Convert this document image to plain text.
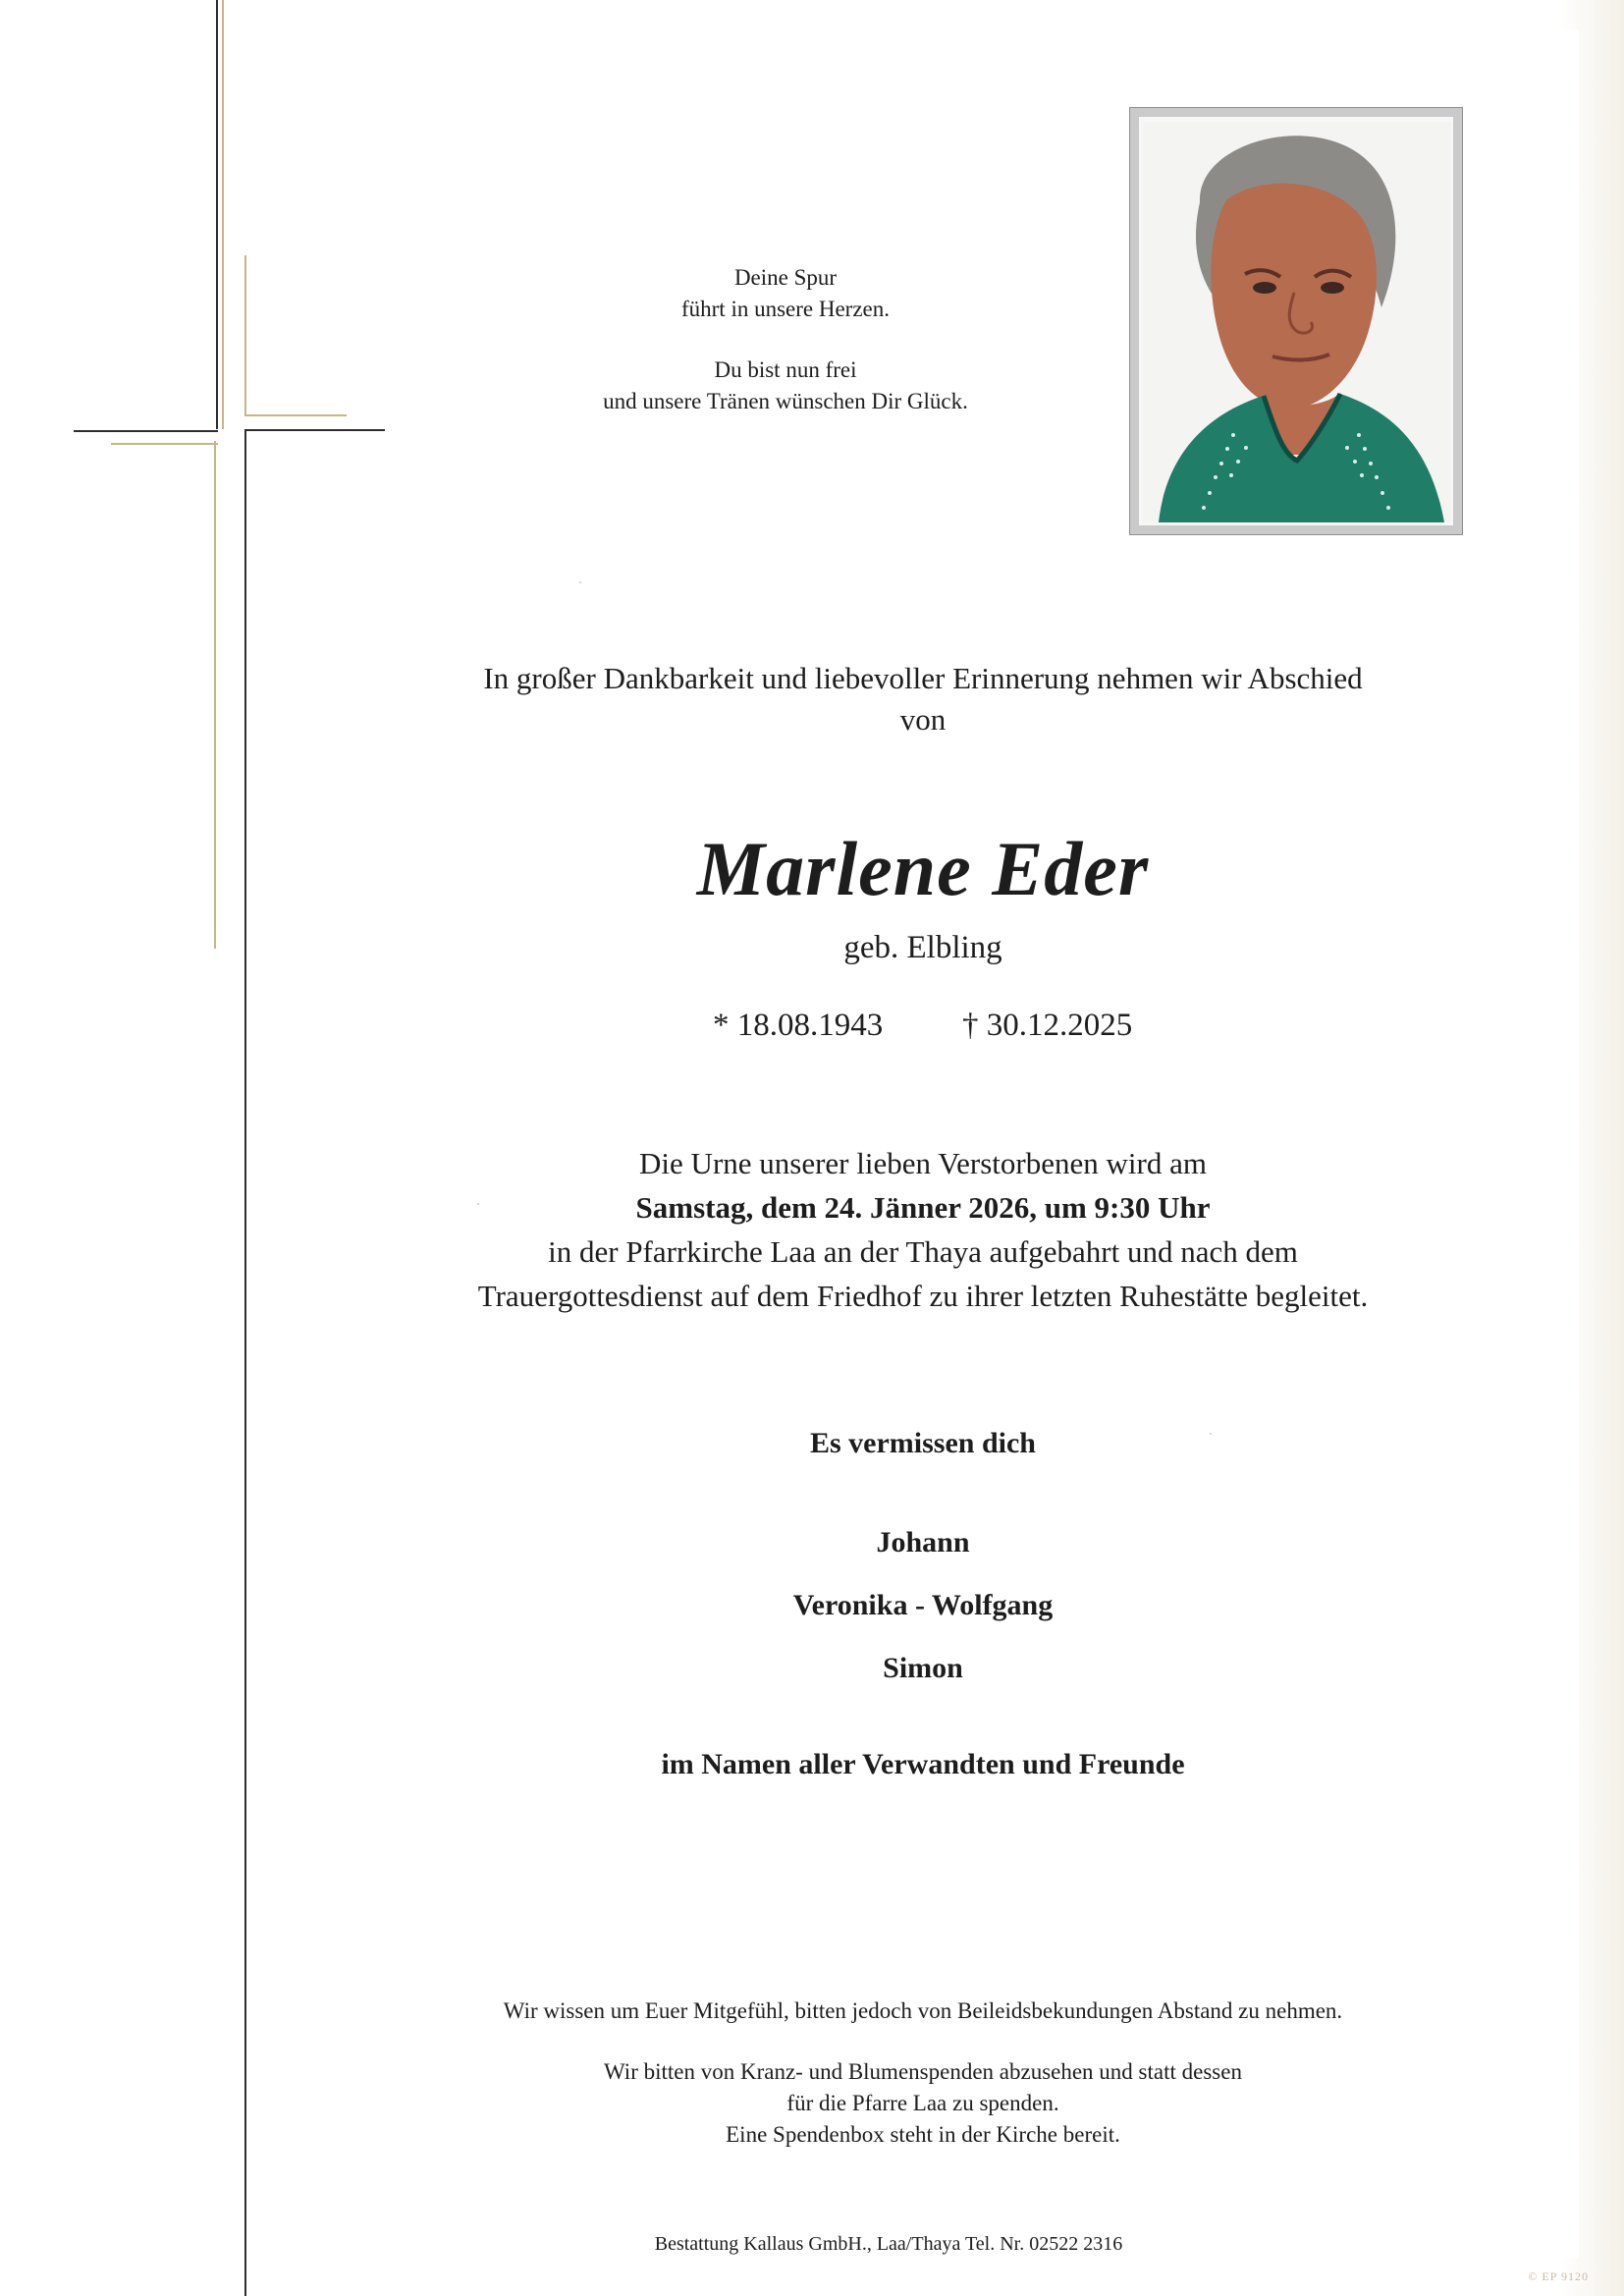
Deine Spur
führt in unsere Herzen.
Du bist nun frei
und unsere Tränen wünschen Dir Glück.
In großer Dankbarkeit und liebevoller Erinnerung nehmen wir Abschied
von
Marlene Eder
geb. Elbling
* 18.08.1943 † 30.12.2025
Die Urne unserer lieben Verstorbenen wird am
Samstag, dem 24. Jänner 2026, um 9:30 Uhr
in der Pfarrkirche Laa an der Thaya aufgebahrt und nach dem
Trauergottesdienst auf dem Friedhof zu ihrer letzten Ruhestätte begleitet.
Es vermissen dich
Johann
Veronika - Wolfgang
Simon
im Namen aller Verwandten und Freunde
Wir wissen um Euer Mitgefühl, bitten jedoch von Beileidsbekundungen Abstand zu nehmen.
Wir bitten von Kranz- und Blumenspenden abzusehen und statt dessen
für die Pfarre Laa zu spenden.
Eine Spendenbox steht in der Kirche bereit.
Bestattung Kallaus GmbH., Laa/Thaya Tel. Nr. 02522 2316
© EP 9120
